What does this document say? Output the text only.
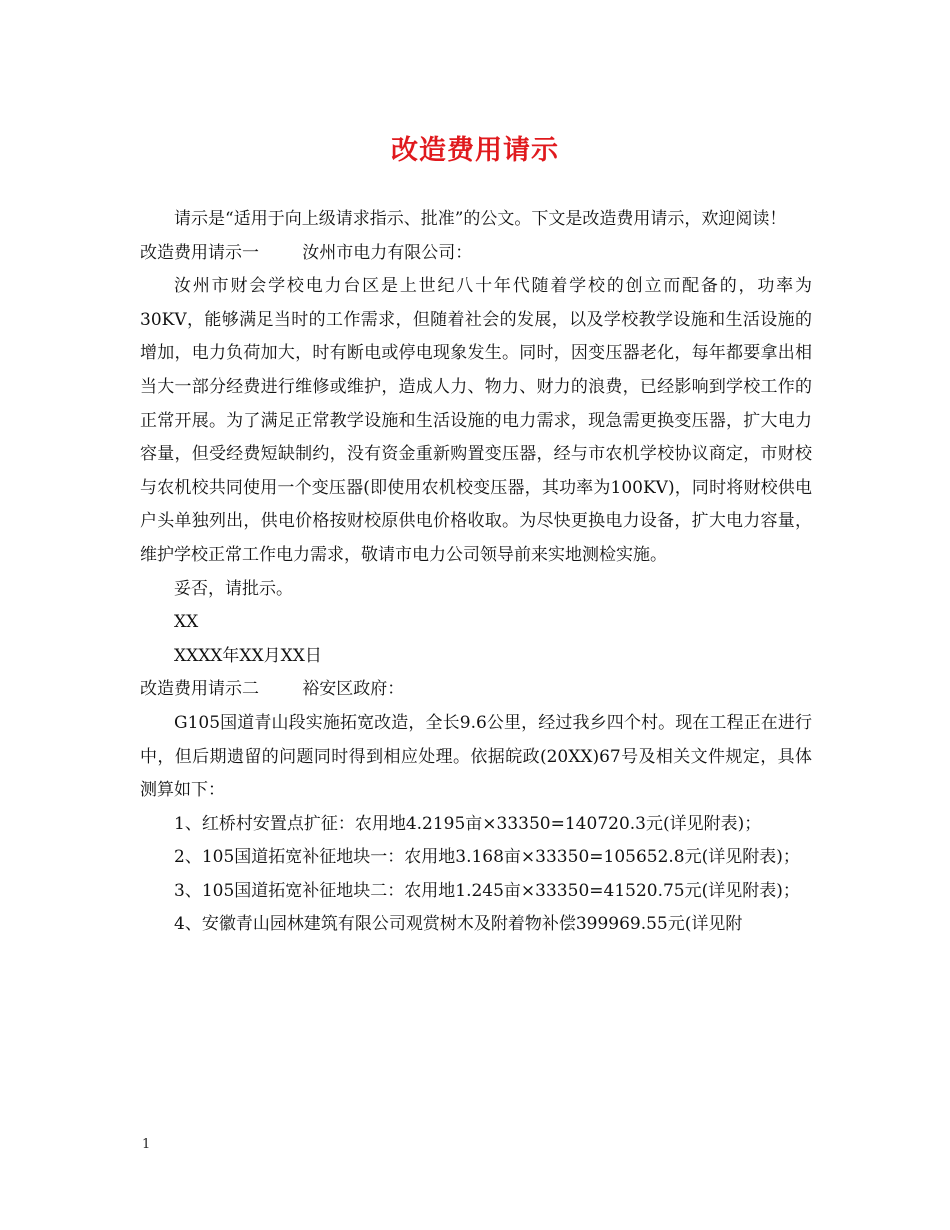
改造费用请示

请示是“适用于向上级请求指示、批准”的公文。下文是改造费用请示，欢迎阅读！

改造费用请示一        汝州市电力有限公司：

汝州市财会学校电力台区是上世纪八十年代随着学校的创立而配备的，功率为30KV，能够满足当时的工作需求，但随着社会的发展，以及学校教学设施和生活设施的增加，电力负荷加大，时有断电或停电现象发生。同时，因变压器老化，每年都要拿出相当大一部分经费进行维修或维护，造成人力、物力、财力的浪费，已经影响到学校工作的正常开展。为了满足正常教学设施和生活设施的电力需求，现急需更换变压器，扩大电力容量，但受经费短缺制约，没有资金重新购置变压器，经与市农机学校协议商定，市财校与农机校共同使用一个变压器(即使用农机校变压器，其功率为100KV)，同时将财校供电户头单独列出，供电价格按财校原供电价格收取。为尽快更换电力设备，扩大电力容量，维护学校正常工作电力需求，敬请市电力公司领导前来实地测检实施。

妥否，请批示。

XX

XXXX年XX月XX日

改造费用请示二        裕安区政府：

G105国道青山段实施拓宽改造，全长9.6公里，经过我乡四个村。现在工程正在进行中，但后期遗留的问题同时得到相应处理。依据皖政(20XX)67号及相关文件规定，具体测算如下：

1、红桥村安置点扩征：农用地4.2195亩×33350=140720.3元(详见附表)；

2、105国道拓宽补征地块一：农用地3.168亩×33350=105652.8元(详见附表)；

3、105国道拓宽补征地块二：农用地1.245亩×33350=41520.75元(详见附表)；

4、安徽青山园林建筑有限公司观赏树木及附着物补偿399969.55元(详见附

1
